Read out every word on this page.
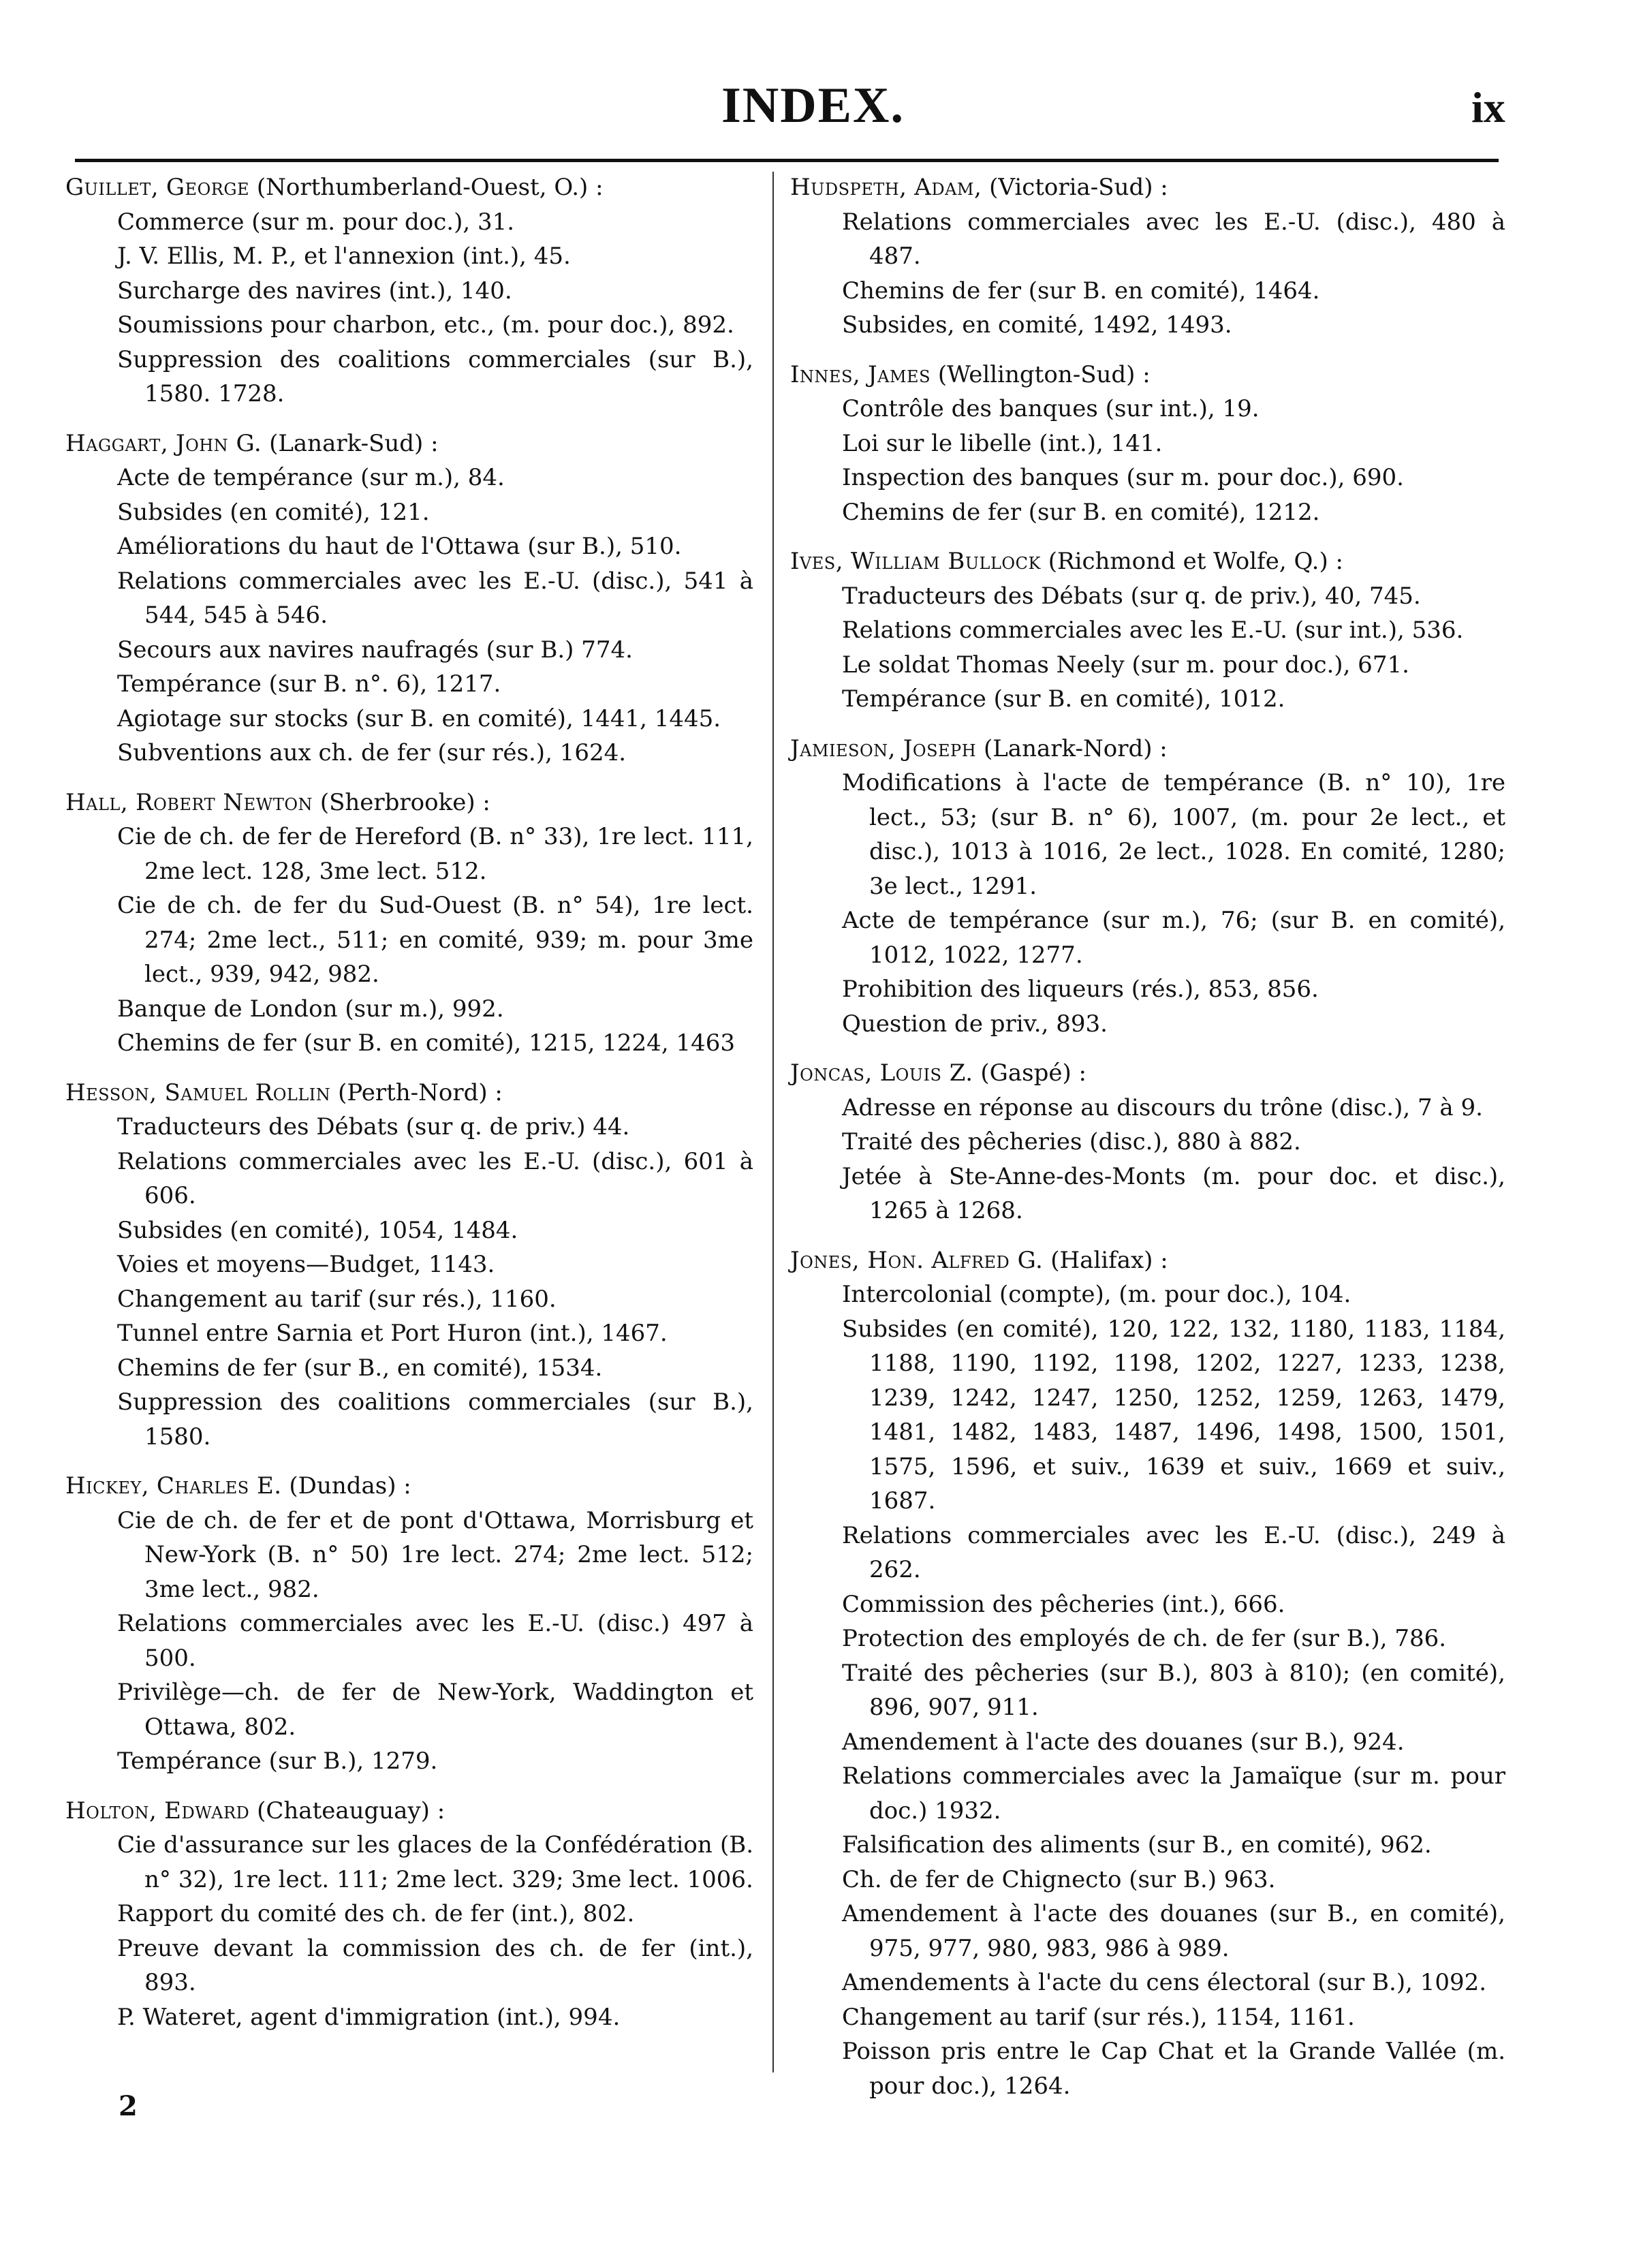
INDEX.	ix
Guillet, George (Northumberland-Ouest, O.) :
Commerce (sur m. pour doc.), 31.
J. V. Ellis, M. P., et l'annexion (int.), 45.
Surcharge des navires (int.), 140.
Soumissions pour charbon, etc., (m. pour doc.), 892.
Suppression des coalitions commerciales (sur B.), 1580. 1728.
Haggart, John G. (Lanark-Sud) :
Acte de tempérance (sur m.), 84.
Subsides (en comité), 121.
Améliorations du haut de l'Ottawa (sur B.), 510.
Relations commerciales avec les E.-U. (disc.), 541 à 544, 545 à 546.
Secours aux navires naufragés (sur B.) 774.
Tempérance (sur B. n°. 6), 1217.
Agiotage sur stocks (sur B. en comité), 1441, 1445.
Subventions aux ch. de fer (sur rés.), 1624.
Hall, Robert Newton (Sherbrooke) :
Cie de ch. de fer de Hereford (B. n° 33), 1re lect. 111, 2me lect. 128, 3me lect. 512.
Cie de ch. de fer du Sud-Ouest (B. n° 54), 1re lect. 274; 2me lect., 511; en comité, 939; m. pour 3me lect., 939, 942, 982.
Banque de London (sur m.), 992.
Chemins de fer (sur B. en comité), 1215, 1224, 1463
Hesson, Samuel Rollin (Perth-Nord) :
Traducteurs des Débats (sur q. de priv.) 44.
Relations commerciales avec les E.-U. (disc.), 601 à 606.
Subsides (en comité), 1054, 1484.
Voies et moyens—Budget, 1143.
Changement au tarif (sur rés.), 1160.
Tunnel entre Sarnia et Port Huron (int.), 1467.
Chemins de fer (sur B., en comité), 1534.
Suppression des coalitions commerciales (sur B.), 1580.
Hickey, Charles E. (Dundas) :
Cie de ch. de fer et de pont d'Ottawa, Morrisburg et New-York (B. n° 50) 1re lect. 274; 2me lect. 512; 3me lect., 982.
Relations commerciales avec les E.-U. (disc.) 497 à 500.
Privilège—ch. de fer de New-York, Waddington et Ottawa, 802.
Tempérance (sur B.), 1279.
Holton, Edward (Chateauguay) :
Cie d'assurance sur les glaces de la Confédération (B. n° 32), 1re lect. 111; 2me lect. 329; 3me lect. 1006.
Rapport du comité des ch. de fer (int.), 802.
Preuve devant la commission des ch. de fer (int.), 893.
P. Wateret, agent d'immigration (int.), 994.
Hudspeth, Adam, (Victoria-Sud) :
Relations commerciales avec les E.-U. (disc.), 480 à 487.
Chemins de fer (sur B. en comité), 1464.
Subsides, en comité, 1492, 1493.
Innes, James (Wellington-Sud) :
Contrôle des banques (sur int.), 19.
Loi sur le libelle (int.), 141.
Inspection des banques (sur m. pour doc.), 690.
Chemins de fer (sur B. en comité), 1212.
Ives, William Bullock (Richmond et Wolfe, Q.) :
Traducteurs des Débats (sur q. de priv.), 40, 745.
Relations commerciales avec les E.-U. (sur int.), 536.
Le soldat Thomas Neely (sur m. pour doc.), 671.
Tempérance (sur B. en comité), 1012.
Jamieson, Joseph (Lanark-Nord) :
Modifications à l'acte de tempérance (B. n° 10), 1re lect., 53; (sur B. n° 6), 1007, (m. pour 2e lect., et disc.), 1013 à 1016, 2e lect., 1028. En comité, 1280; 3e lect., 1291.
Acte de tempérance (sur m.), 76; (sur B. en comité), 1012, 1022, 1277.
Prohibition des liqueurs (rés.), 853, 856.
Question de priv., 893.
Joncas, Louis Z. (Gaspé) :
Adresse en réponse au discours du trône (disc.), 7 à 9.
Traité des pêcheries (disc.), 880 à 882.
Jetée à Ste-Anne-des-Monts (m. pour doc. et disc.), 1265 à 1268.
Jones, Hon. Alfred G. (Halifax) :
Intercolonial (compte), (m. pour doc.), 104.
Subsides (en comité), 120, 122, 132, 1180, 1183, 1184, 1188, 1190, 1192, 1198, 1202, 1227, 1233, 1238, 1239, 1242, 1247, 1250, 1252, 1259, 1263, 1479, 1481, 1482, 1483, 1487, 1496, 1498, 1500, 1501, 1575, 1596, et suiv., 1639 et suiv., 1669 et suiv., 1687.
Relations commerciales avec les E.-U. (disc.), 249 à 262.
Commission des pêcheries (int.), 666.
Protection des employés de ch. de fer (sur B.), 786.
Traité des pêcheries (sur B.), 803 à 810); (en comité), 896, 907, 911.
Amendement à l'acte des douanes (sur B.), 924.
Relations commerciales avec la Jamaïque (sur m. pour doc.) 1932.
Falsification des aliments (sur B., en comité), 962.
Ch. de fer de Chignecto (sur B.) 963.
Amendement à l'acte des douanes (sur B., en comité), 975, 977, 980, 983, 986 à 989.
Amendements à l'acte du cens électoral (sur B.), 1092.
Changement au tarif (sur rés.), 1154, 1161.
Poisson pris entre le Cap Chat et la Grande Vallée (m. pour doc.), 1264.
2
